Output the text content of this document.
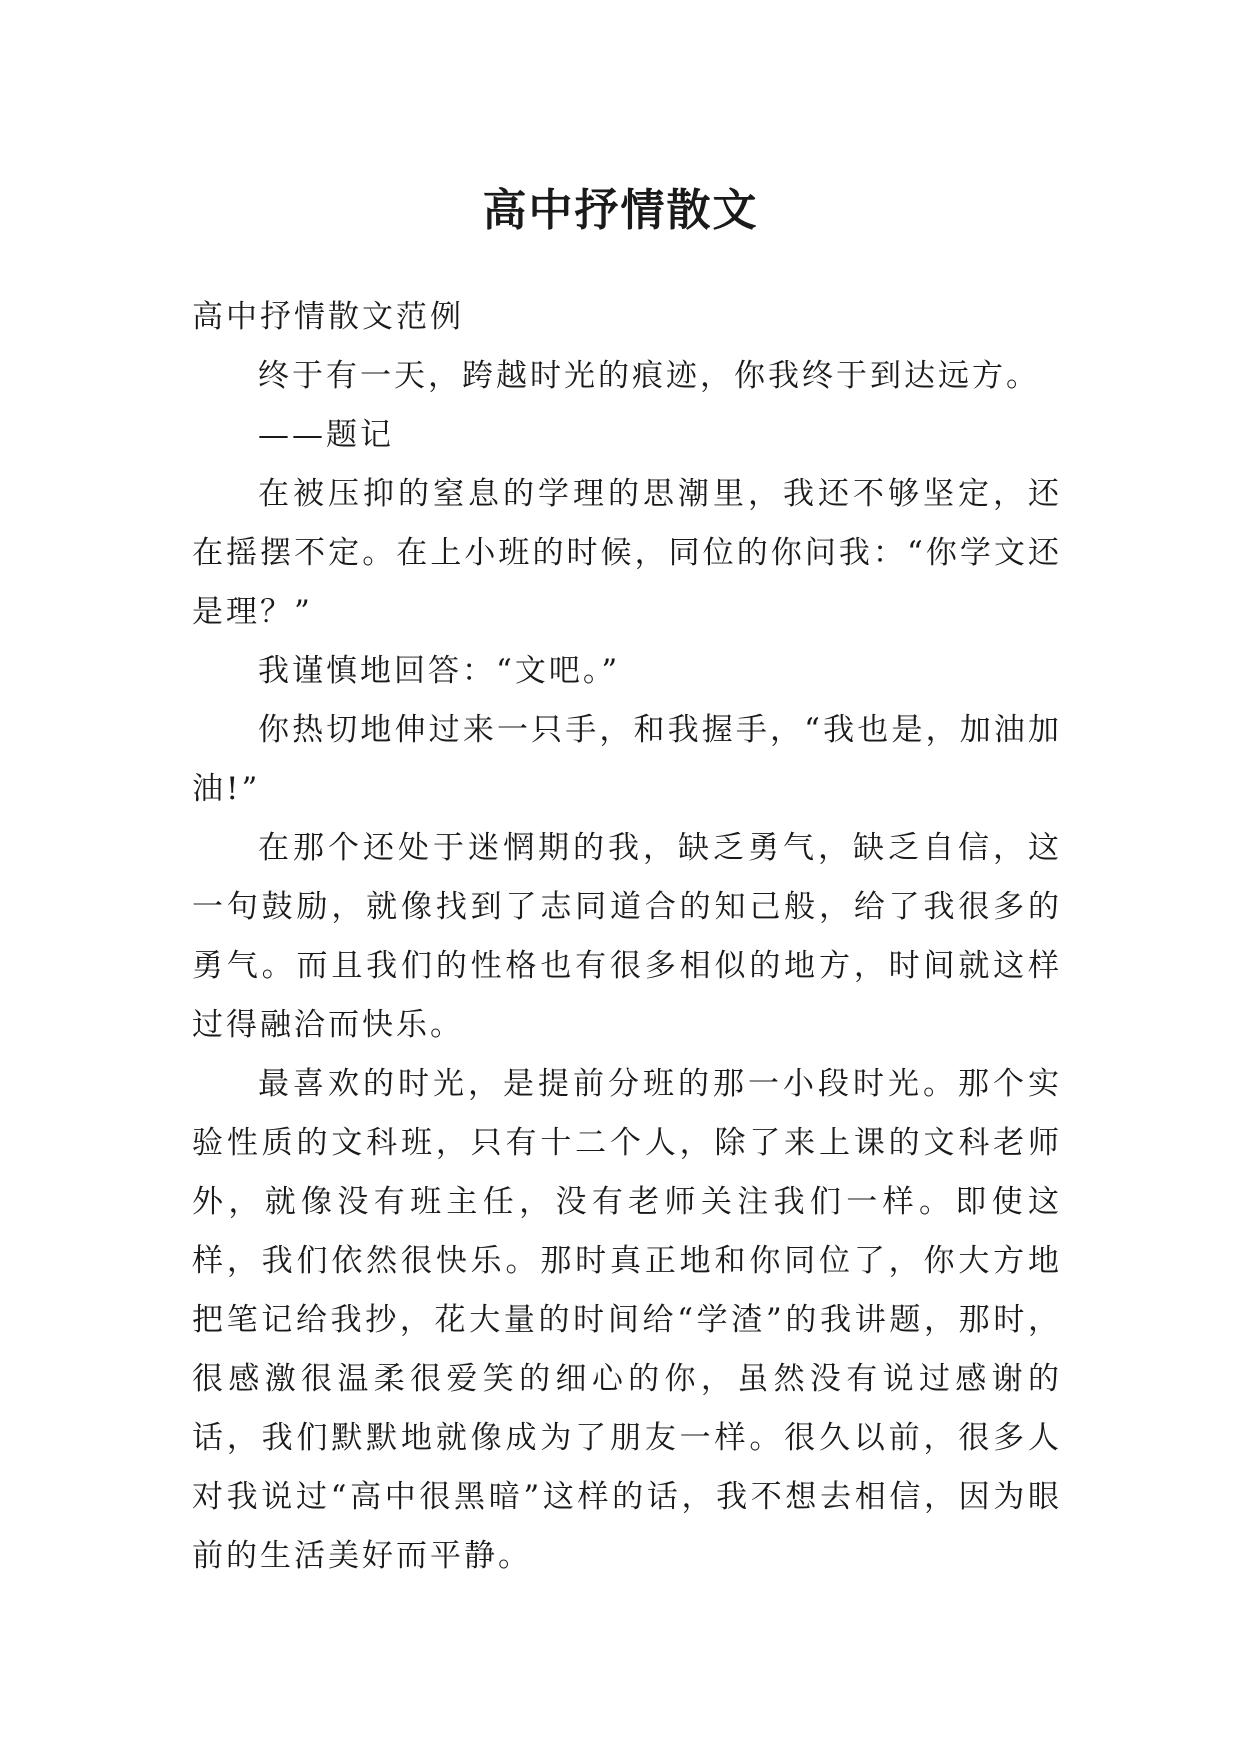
高中抒情散文

高中抒情散文范例

终于有一天，跨越时光的痕迹，你我终于到达远方。

——题记

在被压抑的窒息的学理的思潮里，我还不够坚定，还在摇摆不定。在上小班的时候，同位的你问我：“你学文还是理？”

我谨慎地回答：“文吧。”

你热切地伸过来一只手，和我握手，“我也是，加油加油!”

在那个还处于迷惘期的我，缺乏勇气，缺乏自信，这一句鼓励，就像找到了志同道合的知己般，给了我很多的勇气。而且我们的性格也有很多相似的地方，时间就这样过得融洽而快乐。

最喜欢的时光，是提前分班的那一小段时光。那个实验性质的文科班，只有十二个人，除了来上课的文科老师外，就像没有班主任，没有老师关注我们一样。即使这样，我们依然很快乐。那时真正地和你同位了，你大方地把笔记给我抄，花大量的时间给“学渣”的我讲题，那时，很感激很温柔很爱笑的细心的你，虽然没有说过感谢的话，我们默默地就像成为了朋友一样。很久以前，很多人对我说过“高中很黑暗”这样的话，我不想去相信，因为眼前的生活美好而平静。
